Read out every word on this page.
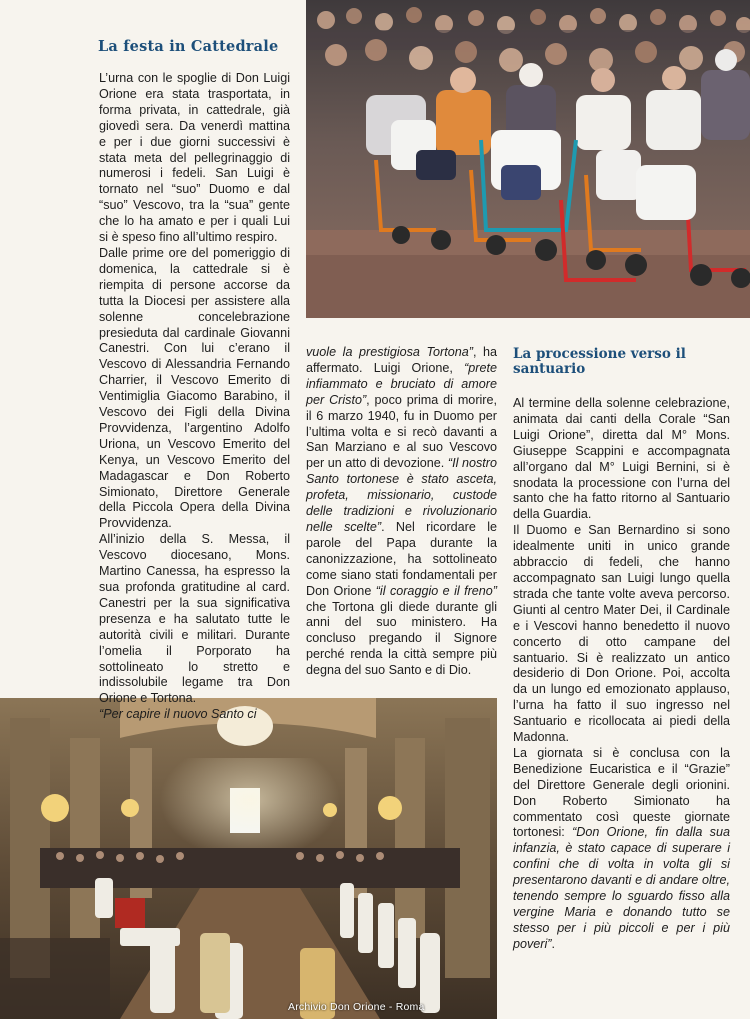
La festa in Cattedrale

L’urna con le spoglie di Don Luigi Orione era stata trasportata, in forma privata, in cattedrale, già giovedì sera. Da venerdì mattina e per i due giorni successivi è stata meta del pellegrinaggio di numerosi i fedeli. San Luigi è tornato nel “suo” Duomo e dal “suo” Vescovo, tra la “sua” gente che lo ha amato e per i quali Lui si è speso fino all’ultimo respiro.

Dalle prime ore del pomeriggio di domenica, la cattedrale si è riempita di persone accorse da tutta la Diocesi per assistere alla solenne concelebrazione presieduta dal cardinale Giovanni Canestri. Con lui c’erano il Vescovo di Alessandria Fernando Charrier, il Vescovo Emerito di Ventimiglia Giacomo Barabino, il Vescovo dei Figli della Divina Provvidenza, l’argentino Adolfo Uriona, un Vescovo Emerito del Kenya, un Vescovo Emerito del Madagascar e Don Roberto Simionato, Direttore Generale della Piccola Opera della Divina Provvidenza.

All’inizio della S. Messa, il Vescovo diocesano, Mons. Martino Canessa, ha espresso la sua profonda gratitudine al card. Canestri per la sua significativa presenza e ha salutato tutte le autorità civili e militari. Durante l’omelia il Porporato ha sottolineato lo stretto e indissolubile legame tra Don Orione e Tortona.
“Per capire il nuovo Santo ci

vuole la prestigiosa Tortona”, ha affermato. Luigi Orione, “prete infiammato e bruciato di amore per Cristo”, poco prima di morire, il 6 marzo 1940, fu in Duomo per l’ultima volta e si recò davanti a San Marziano e al suo Vescovo per un atto di devozione. “Il nostro Santo tortonese è stato asceta, profeta, missionario, custode delle tradizioni e rivoluzionario nelle scelte”. Nel ricordare le parole del Papa durante la canonizzazione, ha sottolineato come siano stati fondamentali per Don Orione “il coraggio e il freno” che Tortona gli diede durante gli anni del suo ministero. Ha concluso pregando il Signore perché renda la città sempre più degna del suo Santo e di Dio.

La processione verso il santuario

Al termine della solenne celebrazione, animata dai canti della Corale “San Luigi Orione”, diretta dal M° Mons. Giuseppe Scappini e accompagnata all’organo dal M° Luigi Bernini, si è snodata la processione con l’urna del santo che ha fatto ritorno al Santuario della Guardia.

Il Duomo e San Bernardino si sono idealmente uniti in unico grande abbraccio di fedeli, che hanno accompagnato san Luigi lungo quella strada che tante volte aveva percorso. Giunti al centro Mater Dei, il Cardinale e i Vescovi hanno benedetto il nuovo concerto di otto campane del santuario. Si è realizzato un antico desiderio di Don Orione. Poi, accolta da un lungo ed emozionato applauso, l’urna ha fatto il suo ingresso nel Santuario e ricollocata ai piedi della Madonna.

La giornata si è conclusa con la Benedizione Eucaristica e il “Grazie” del Direttore Generale degli orionini. Don Roberto Simionato ha commentato così queste giornate tortonesi: “Don Orione, fin dalla sua infanzia, è stato capace di superare i confini che di volta in volta gli si presentarono davanti e di andare oltre, tenendo sempre lo sguardo fisso alla vergine Maria e donando tutto se stesso per i più piccoli e per i più poveri”.

Archivio Don Orione - Roma
